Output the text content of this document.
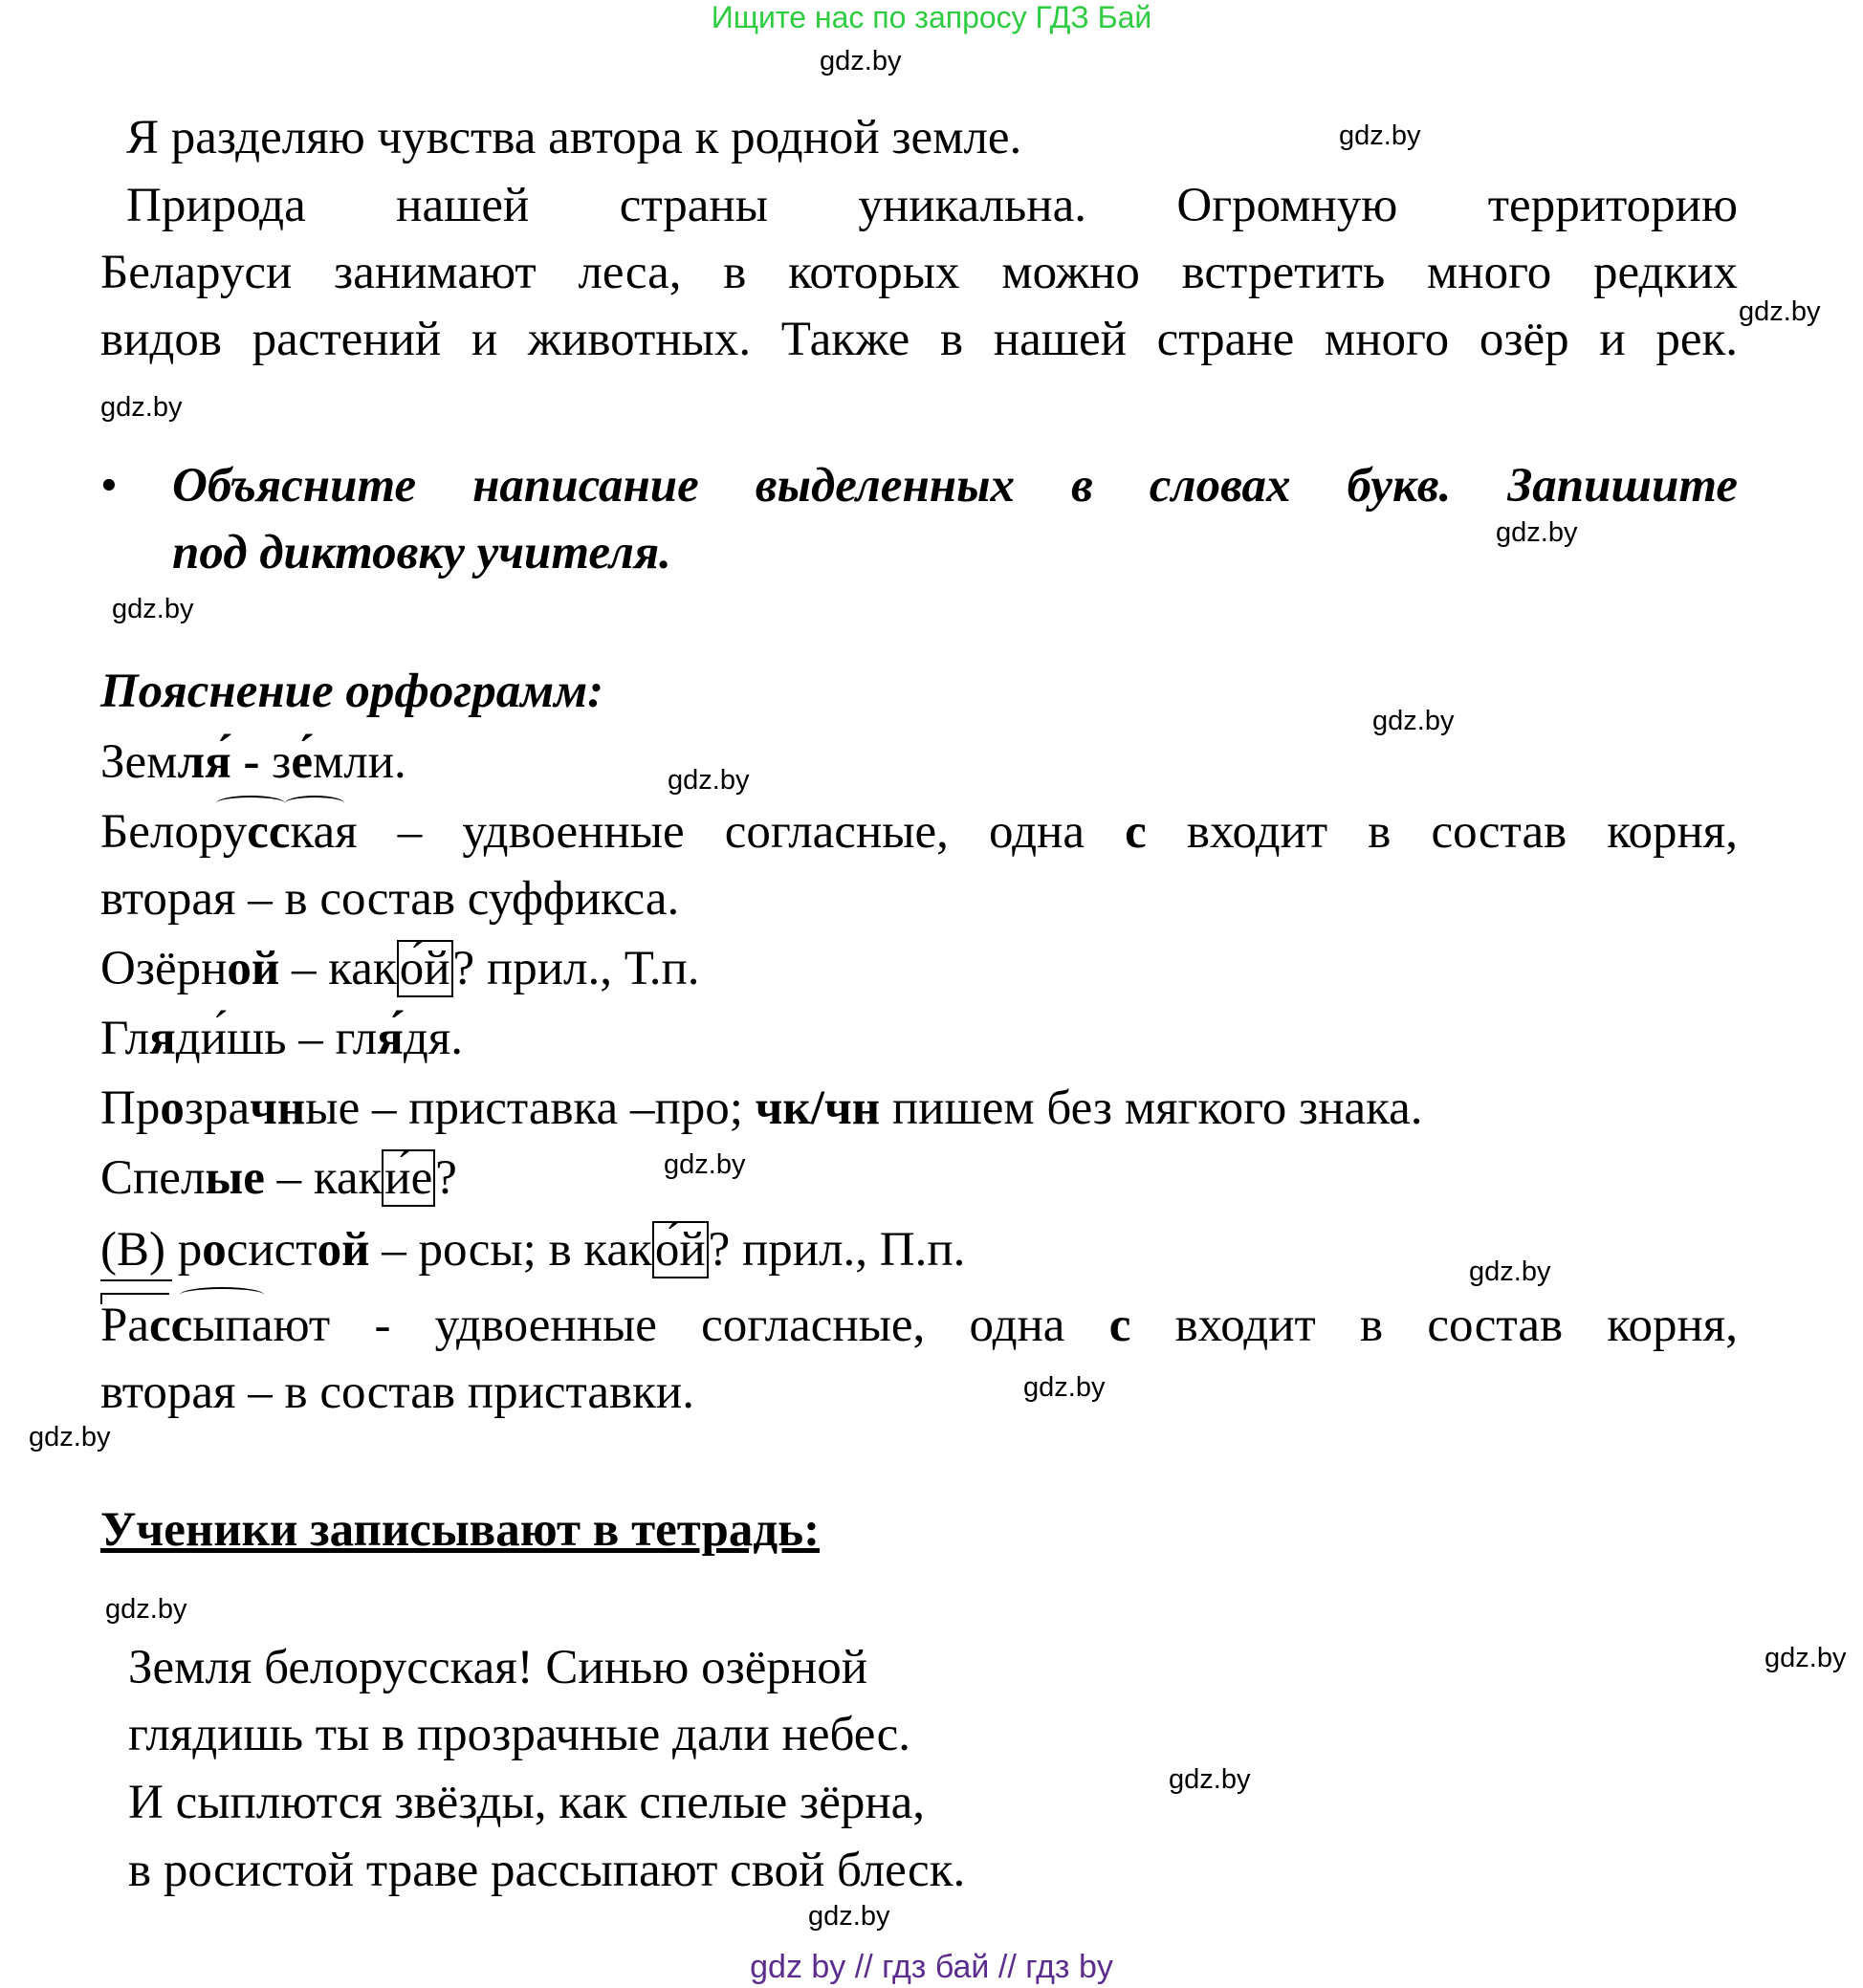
Ищите нас по запросу ГДЗ Бай
gdz.by
gdz.by
gdz.by
gdz.by
gdz.by
gdz.by
gdz.by
gdz.by
gdz.by
gdz.by
gdz.by
gdz.by
gdz.by
gdz.by
gdz.by
gdz.by
Я разделяю чувства автора к родной земле.
Природа нашей страны уникальна. Огромную территорию
Беларуси занимают леса, в которых можно встретить много редких
видов растений и животных. Также в нашей стране много озёр и рек.
• Объясните написание выделенных в словах букв. Запишите
под диктовку учителя.
Пояснение орфограмм:
Земля́ - зе́мли.
Белорусская – удвоенные согласные, одна с входит в состав корня,
вторая – в состав суффикса.
Озёрной – како́й? прил., Т.п.
Гляди́шь – гля́дя.
Прозрачные – приставка –про; чк/чн пишем без мягкого знака.
Спелые – каки́е?
(В) росистой – росы; в како́й? прил., П.п.
Рассыпают - удвоенные согласные, одна с входит в состав корня,
вторая – в состав приставки.
Ученики записывают в тетрадь:
Земля белорусская! Синью озёрной
глядишь ты в прозрачные дали небес.
И сыплются звёзды, как спелые зёрна,
в росистой траве рассыпают свой блеск.
gdz by // гдз бай // гдз by
